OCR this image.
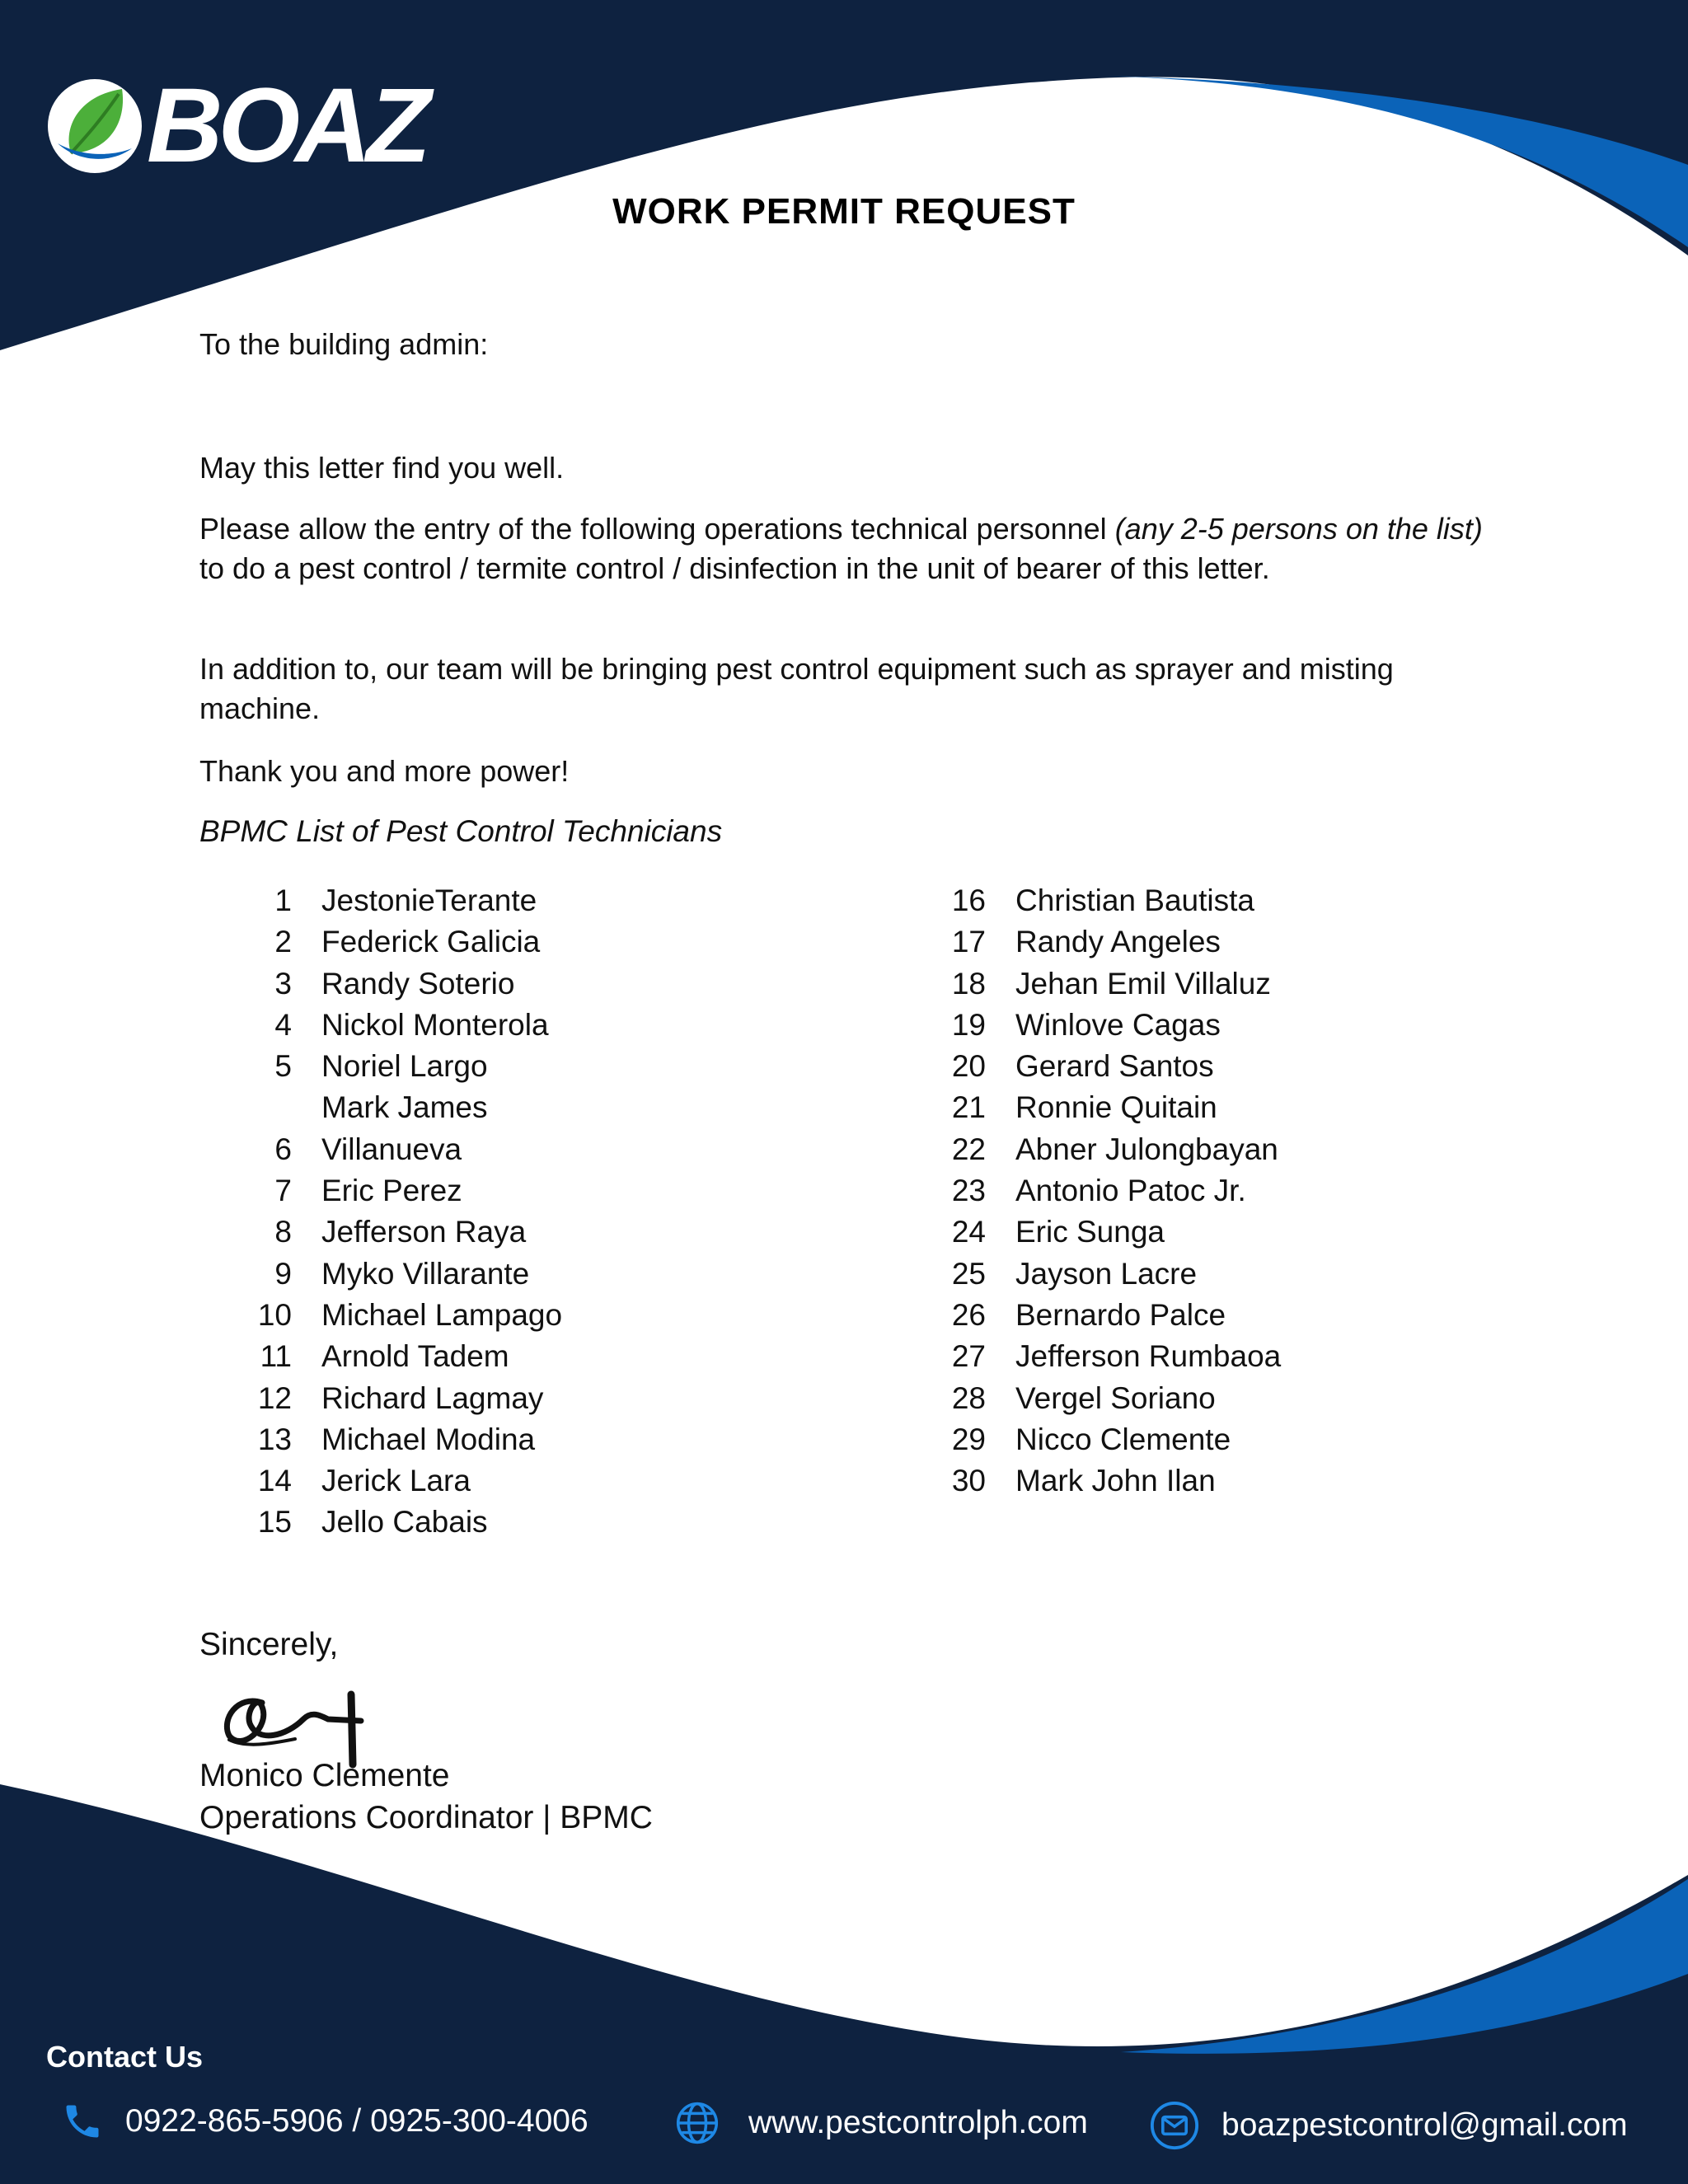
BOAZ
WORK PERMIT REQUEST
To the building admin:
May this letter find you well.
Please allow the entry of the following operations technical personnel (any 2-5 persons on the list) to do a pest control / termite control / disinfection in the unit of bearer of this letter.
In addition to, our team will be bringing pest control equipment such as sprayer and misting machine.
Thank you and more power!
BPMC List of Pest Control Technicians
1 JestonieTerante
2 Federick Galicia
3 Randy Soterio
4 Nickol Monterola
5 Noriel Largo
Mark James
6 Villanueva
7 Eric Perez
8 Jefferson Raya
9 Myko Villarante
10 Michael Lampago
11 Arnold Tadem
12 Richard Lagmay
13 Michael Modina
14 Jerick Lara
15 Jello Cabais
16 Christian Bautista
17 Randy Angeles
18 Jehan Emil Villaluz
19 Winlove Cagas
20 Gerard Santos
21 Ronnie Quitain
22 Abner Julongbayan
23 Antonio Patoc Jr.
24 Eric Sunga
25 Jayson Lacre
26 Bernardo Palce
27 Jefferson Rumbaoa
28 Vergel Soriano
29 Nicco Clemente
30 Mark John Ilan
Sincerely,
Monico Clemente
Operations Coordinator | BPMC
Contact Us
0922-865-5906 / 0925-300-4006	www.pestcontrolph.com	boazpestcontrol@gmail.com
